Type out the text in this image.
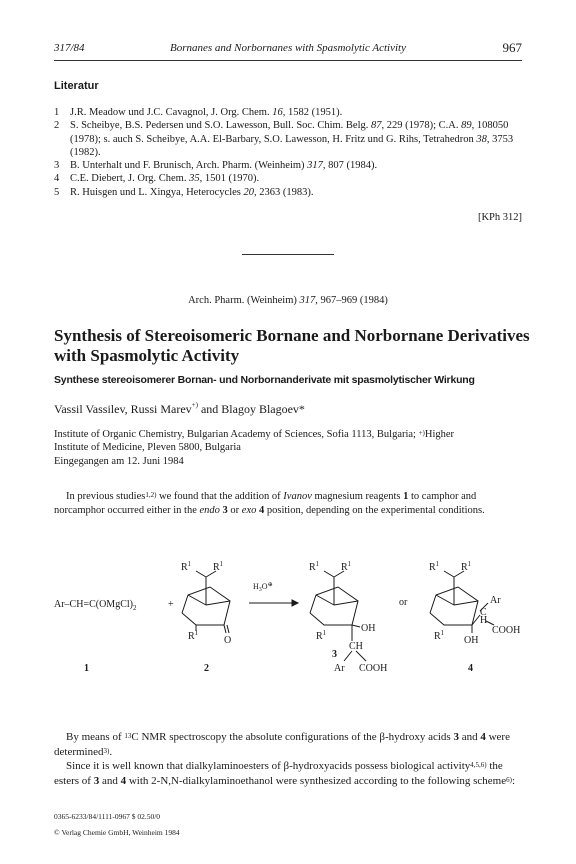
317/84	Bornanes and Norbornanes with Spasmolytic Activity	967
Literatur
1	J.R. Meadow und J.C. Cavagnol, J. Org. Chem. 16, 1582 (1951).
2	S. Scheibye, B.S. Pedersen und S.O. Lawesson, Bull. Soc. Chim. Belg. 87, 229 (1978); C.A. 89, 108050 (1978); s. auch S. Scheibye, A.A. El-Barbary, S.O. Lawesson, H. Fritz und G. Rihs, Tetrahedron 38, 3753 (1982).
3	B. Unterhalt und F. Brunisch, Arch. Pharm. (Weinheim) 317, 807 (1984).
4	C.E. Diebert, J. Org. Chem. 35, 1501 (1970).
5	R. Huisgen und L. Xingya, Heterocycles 20, 2363 (1983).
[KPh 312]
Arch. Pharm. (Weinheim) 317, 967–969 (1984)
Synthesis of Stereoisomeric Bornane and Norbornane Derivatives
with Spasmolytic Activity
Synthese stereoisomerer Bornan- und Norbornanderivate mit spasmolytischer Wirkung
Vassil Vassilev, Russi Marev+) and Blagoy Blagoev*
Institute of Organic Chemistry, Bulgarian Academy of Sciences, Sofia 1113, Bulgaria; +)Higher
Institute of Medicine, Pleven 5800, Bulgaria
Eingegangen am 12. Juni 1984

In previous studies$^{1,2)}$ we found that the addition of Ivanov magnesium reagents 1 to camphor and norcamphor occurred either in the endo 3 or exo 4 position, depending on the experimental conditions.

$Ar-CH=C(OMgCl)_2$	+
$R^1$ $R^1$
$R^1$
O
$H_3O^\oplus$
$R^1$ $R^1$
$R^1$	OH
CH
Ar COOH
or
$R^1$ $R^1$
$R^1$
Ar
C
H
COOH
OH
1	2
3
4

By means of $^{13}$C NMR spectroscopy the absolute configurations of the β-hydroxy acids 3 and 4 were determined$^{3)}$.

Since it is well known that dialkylaminoesters of β-hydroxyacids possess biological activity$^{4,5,6)}$ the esters of 3 and 4 with 2-N,N-dialkylaminoethanol were synthesized according to the following scheme$^{6)}$:

0365-6233/84/1111-0967 $ 02.50/0
© Verlag Chemie GmbH, Weinheim 1984
